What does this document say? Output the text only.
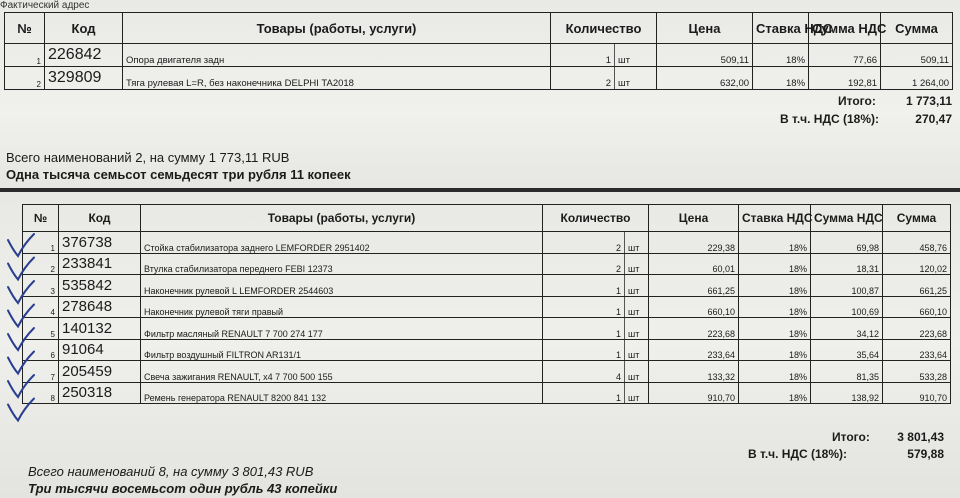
Фактический адрес
№	Код	Товары (работы, услуги)	Количество		Цена	Ставка НДС	Сумма НДС	Сумма
1	226842	Опора двигателя задн	1	шт	509,11	18%	77,66	509,11
2	329809	Тяга рулевая L=R, без наконечника DELPHI TA2018	2	шт	632,00	18%	192,81	1 264,00
Итого:	1 773,11
В т.ч. НДС (18%):	270,47
Всего наименований 2, на сумму 1 773,11 RUB
Одна тысяча семьсот семьдесят три рубля 11 копеек
№	Код	Товары (работы, услуги)	Количество		Цена	Ставка НДС	Сумма НДС	Сумма
1	376738	Стойка стабилизатора заднего LEMFORDER 2951402	2	шт	229,38	18%	69,98	458,76
2	233841	Втулка стабилизатора переднего FEBI 12373	2	шт	60,01	18%	18,31	120,02
3	535842	Наконечник рулевой L LEMFORDER 2544603	1	шт	661,25	18%	100,87	661,25
4	278648	Наконечник рулевой тяги правый	1	шт	660,10	18%	100,69	660,10
5	140132	Фильтр масляный RENAULT 7 700 274 177	1	шт	223,68	18%	34,12	223,68
6	91064	Фильтр воздушный FILTRON AR131/1	1	шт	233,64	18%	35,64	233,64
7	205459	Свеча зажигания RENAULT, x4 7 700 500 155	4	шт	133,32	18%	81,35	533,28
8	250318	Ремень генератора RENAULT 8200 841 132	1	шт	910,70	18%	138,92	910,70
Итого:	3 801,43
В т.ч. НДС (18%):	579,88
Всего наименований 8, на сумму 3 801,43 RUB
Три тысячи восемьсот один рубль 43 копейки
